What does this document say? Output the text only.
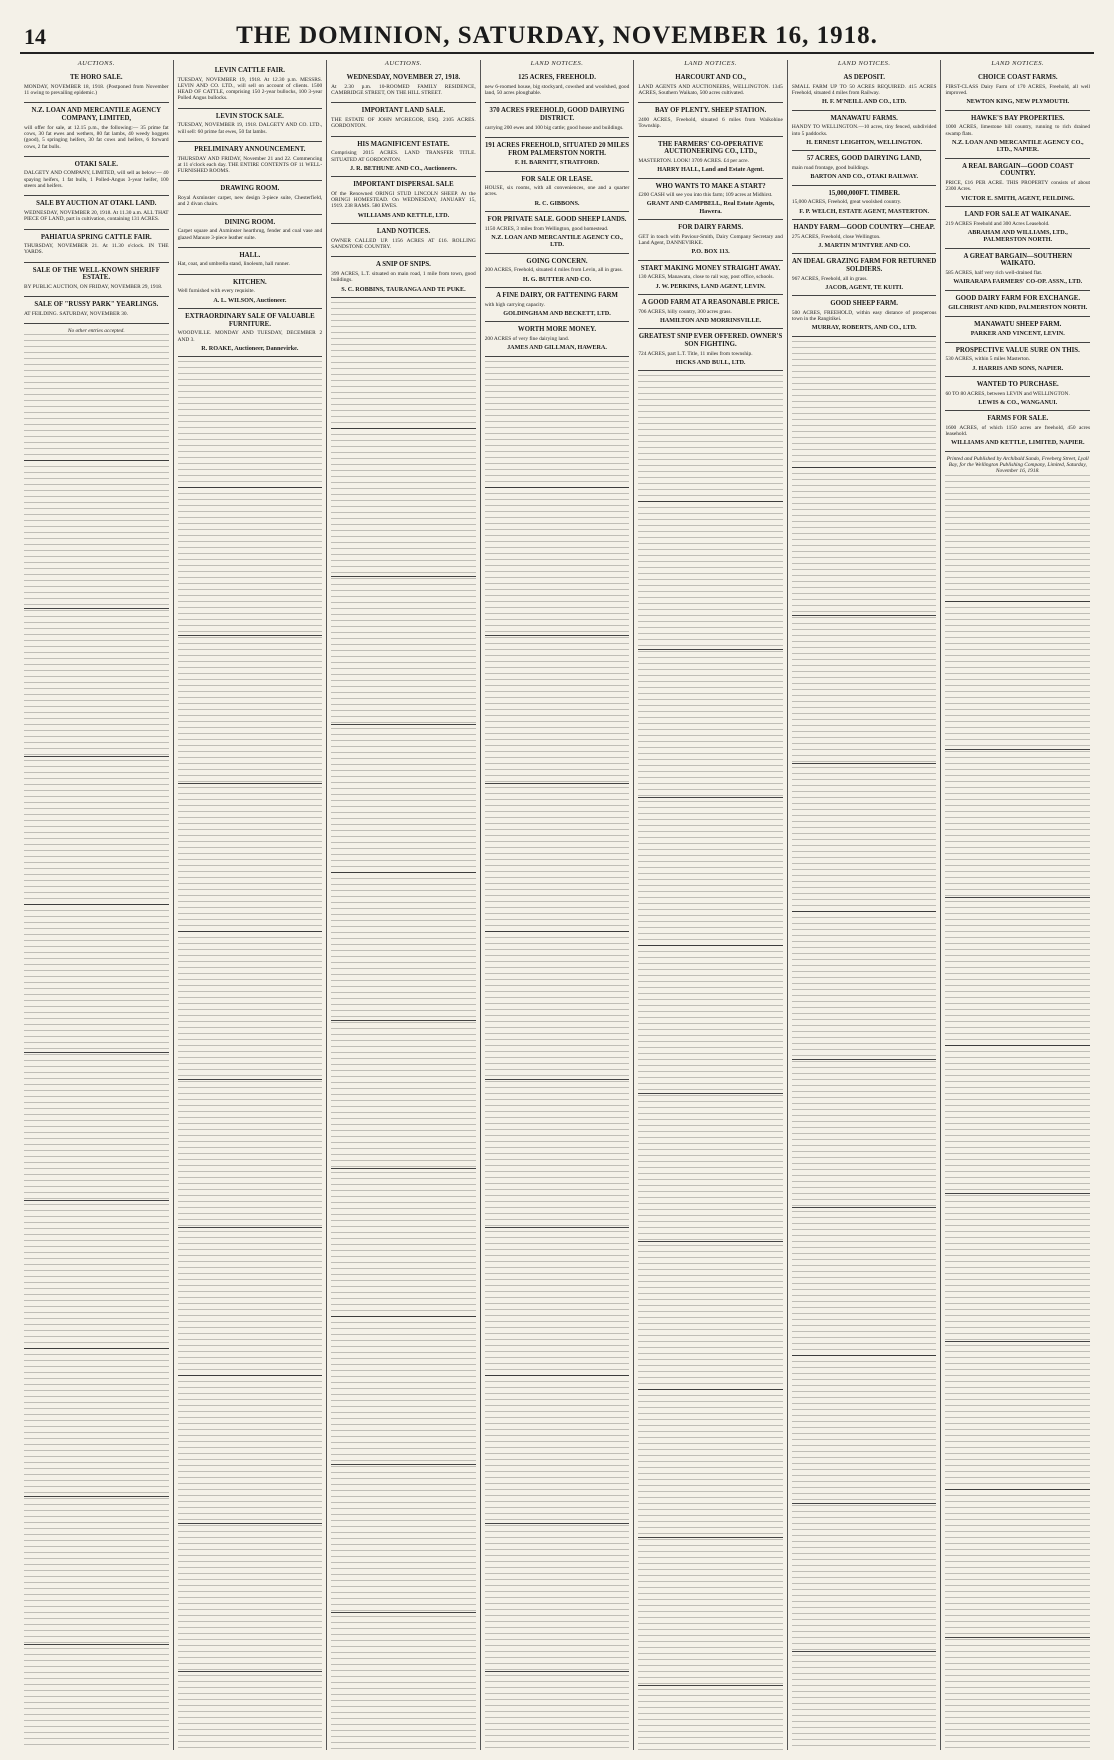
14	THE DOMINION, SATURDAY, NOVEMBER 16, 1918.
AUCTIONS.
TE HORO SALE.

MONDAY, NOVEMBER 18, 1918. (Postponed from November 11 owing to prevailing epidemic.)

N.Z. LOAN AND MERCANTILE AGENCY COMPANY, LIMITED,

will offer for sale, at 12.15 p.m., the following:— 35 prime fat cows, 30 fat ewes and wethers, 80 fat lambs, 40 weedy hoggets (good), 5 springing heifers, 30 fat cows and heifers, 6 forward cows, 2 fat bulls.

OTAKI SALE.

DALGETY AND COMPANY, LIMITED, will sell as below:— 40 spaying heifers, 1 fat bulls, 1 Polled-Angus 3-year heifer, 100 steers and heifers.

SALE BY AUCTION AT OTAKI. LAND.

WEDNESDAY, NOVEMBER 20, 1918. At 11.30 a.m. ALL THAT PIECE OF LAND, part in cultivation, containing 131 ACRES.

PAHIATUA SPRING CATTLE FAIR.

THURSDAY, NOVEMBER 21. At 11.30 o'clock. IN THE YARDS.

SALE OF THE WELL-KNOWN SHERIFF ESTATE.

BY PUBLIC AUCTION, ON FRIDAY, NOVEMBER 29, 1918.

SALE OF "RUSSY PARK" YEARLINGS.

AT FEILDING. SATURDAY, NOVEMBER 30.

No other entries accepted.
LEVIN CATTLE FAIR.

TUESDAY, NOVEMBER 19, 1918. At 12.30 p.m. MESSRS. LEVIN AND CO. LTD., will sell on account of clients. 1500 HEAD OF CATTLE, comprising 150 2-year bullocks, 100 3-year Polled Angus bullocks.

LEVIN STOCK SALE.

TUESDAY, NOVEMBER 19, 1918. DALGETY AND CO. LTD., will sell: 60 prime fat ewes, 50 fat lambs.

PRELIMINARY ANNOUNCEMENT.

THURSDAY AND FRIDAY, November 21 and 22. Commencing at 11 o'clock each day. THE ENTIRE CONTENTS OF 11 WELL-FURNISHED ROOMS.

DRAWING ROOM.

Royal Axminster carpet, new design 3-piece suite, Chesterfield, and 2 divan chairs.

DINING ROOM.

Carpet square and Axminster hearthrug, fender and coal vase and glazed Manure 3-piece leather suite.

HALL.

Hat, coat, and umbrella stand, linoleum, hall runner.

KITCHEN.

Well furnished with every requisite.

A. L. WILSON, Auctioneer.
EXTRAORDINARY SALE OF VALUABLE FURNITURE.

WOODVILLE. MONDAY AND TUESDAY, DECEMBER 2 AND 3.

R. ROAKE, Auctioneer, Dannevirke.
AUCTIONS.
WEDNESDAY, NOVEMBER 27, 1918.

At 2.30 p.m. 10-ROOMED FAMILY RESIDENCE, CAMBRIDGE STREET, ON THE HILL STREET.

IMPORTANT LAND SALE.

THE ESTATE OF JOHN M'GREGOR, ESQ. 2105 ACRES. GORDONTON.

HIS MAGNIFICENT ESTATE.

Comprising 2015 ACRES. LAND TRANSFER TITLE. SITUATED AT GORDONTON.

J. R. BETHUNE AND CO., Auctioneers.
IMPORTANT DISPERSAL SALE

Of the Renowned ORINGI STUD LINCOLN SHEEP. At the ORINGI HOMESTEAD. On WEDNESDAY, JANUARY 15, 1919. 238 RAMS. 580 EWES.

WILLIAMS AND KETTLE, LTD.
LAND NOTICES.

OWNER CALLED UP. 1156 ACRES AT £16. ROLLING SANDSTONE COUNTRY.

A SNIP OF SNIPS.

399 ACRES, L.T. situated on main road, 1 mile from town, good buildings.

S. C. ROBBINS, TAURANGA AND TE PUKE.
LAND NOTICES.
125 ACRES, FREEHOLD.

new 6-roomed house, big stockyard, cowshed and woolshed, good land, 50 acres ploughable.

370 ACRES FREEHOLD, GOOD DAIRYING DISTRICT.

carrying 200 ewes and 100 big cattle; good house and buildings.

191 ACRES FREEHOLD, SITUATED 20 MILES FROM PALMERSTON NORTH.

F. H. BARNITT, STRATFORD.
FOR SALE OR LEASE.

HOUSE, six rooms, with all conveniences, one and a quarter acres.

R. C. GIBBONS.
FOR PRIVATE SALE. GOOD SHEEP LANDS.

1150 ACRES, 3 miles from Wellington, good homestead.

N.Z. LOAN AND MERCANTILE AGENCY CO., LTD.
GOING CONCERN.

200 ACRES, Freehold, situated 4 miles from Levin, all in grass.

H. G. BUTTER AND CO.
A FINE DAIRY, OR FATTENING FARM

with high carrying capacity.

GOLDINGHAM AND BECKETT, LTD.
WORTH MORE MONEY.

200 ACRES of very fine dairying land.

JAMES AND GILLMAN, HAWERA.
LAND NOTICES.
HARCOURT AND CO.,

LAND AGENTS AND AUCTIONEERS, WELLINGTON. 1345 ACRES, Southern Waikato, 500 acres cultivated.

BAY OF PLENTY. SHEEP STATION.

2400 ACRES, Freehold, situated 6 miles from Waikohine Township.

THE FARMERS' CO-OPERATIVE AUCTIONEERING CO., LTD.,

MASTERTON. LOOK! 3709 ACRES. £4 per acre.

HARRY HALL, Land and Estate Agent.
WHO WANTS TO MAKE A START?

£200 CASH will see you into this farm; 109 acres at Midhirst.

GRANT AND CAMPBELL, Real Estate Agents, Hawera.
FOR DAIRY FARMS.

GET in touch with Paviour-Smith, Dairy Company Secretary and Land Agent, DANNEVIRKE.

P.O. BOX 113.
START MAKING MONEY STRAIGHT AWAY.

130 ACRES, Manawatu, close to rail way, post office, schools.

J. W. PERKINS, LAND AGENT, LEVIN.
A GOOD FARM AT A REASONABLE PRICE.

706 ACRES, hilly country, 300 acres grass.

HAMILTON AND MORRINSVILLE.
GREATEST SNIP EVER OFFERED. OWNER'S SON FIGHTING.

724 ACRES, part L.T. Title, 11 miles from township.

HICKS AND BULL, LTD.
LAND NOTICES.
AS DEPOSIT.

SMALL FARM UP TO 50 ACRES REQUIRED. 415 ACRES Freehold, situated 4 miles from Railway.

H. F. M'NEILL AND CO., LTD.
MANAWATU FARMS.

HANDY TO WELLINGTON.—10 acres, tiny fenced, subdivided into 5 paddocks.

H. ERNEST LEIGHTON, WELLINGTON.
57 ACRES, GOOD DAIRYING LAND,

main road frontage, good buildings.

BARTON AND CO., OTAKI RAILWAY.
15,000,000FT. TIMBER.

15,000 ACRES, Freehold, great woolshed country.

F. P. WELCH, ESTATE AGENT, MASTERTON.
HANDY FARM—GOOD COUNTRY—CHEAP.

275 ACRES, Freehold, close Wellington.

J. MARTIN M'INTYRE AND CO.
AN IDEAL GRAZING FARM FOR RETURNED SOLDIERS.

967 ACRES, Freehold, all in grass.

JACOB, AGENT, TE KUITI.
GOOD SHEEP FARM.

500 ACRES, FREEHOLD, within easy distance of prosperous town in the Rangitikei.

MURRAY, ROBERTS, AND CO., LTD.
LAND NOTICES.
CHOICE COAST FARMS.

FIRST-CLASS Dairy Farm of 170 ACRES, Freehold, all well improved.

NEWTON KING, NEW PLYMOUTH.
HAWKE'S BAY PROPERTIES.

1000 ACRES, limestone hill country, running to rich drained swamp flats.

N.Z. LOAN AND MERCANTILE AGENCY CO., LTD., NAPIER.
A REAL BARGAIN—GOOD COAST COUNTRY.

PRICE, £16 PER ACRE. THIS PROPERTY consists of about 2300 Acres.

VICTOR E. SMITH, AGENT, FEILDING.
LAND FOR SALE AT WAIKANAE.

219 ACRES Freehold and 300 Acres Leasehold.

ABRAHAM AND WILLIAMS, LTD., PALMERSTON NORTH.
A GREAT BARGAIN—SOUTHERN WAIKATO.

585 ACRES, half very rich well-drained flat.

WAIRARAPA FARMERS' CO-OP. ASSN., LTD.
GOOD DAIRY FARM FOR EXCHANGE.

GILCHRIST AND KIDD, PALMERSTON NORTH.
MANAWATU SHEEP FARM.

PARKER AND VINCENT, LEVIN.
PROSPECTIVE VALUE SURE ON THIS.

530 ACRES, within 5 miles Masterton.

J. HARRIS AND SONS, NAPIER.
WANTED TO PURCHASE.

60 TO 80 ACRES, between LEVIN and WELLINGTON.

LEWIS & CO., WANGANUI.
FARMS FOR SALE.

1600 ACRES, of which 1150 acres are freehold, 450 acres leasehold.

WILLIAMS AND KETTLE, LIMITED, NAPIER.
Printed and Published by Archibald Sando, Freeberg Street, Lyall Bay, for the Wellington Publishing Company, Limited, Saturday, November 16, 1918.
